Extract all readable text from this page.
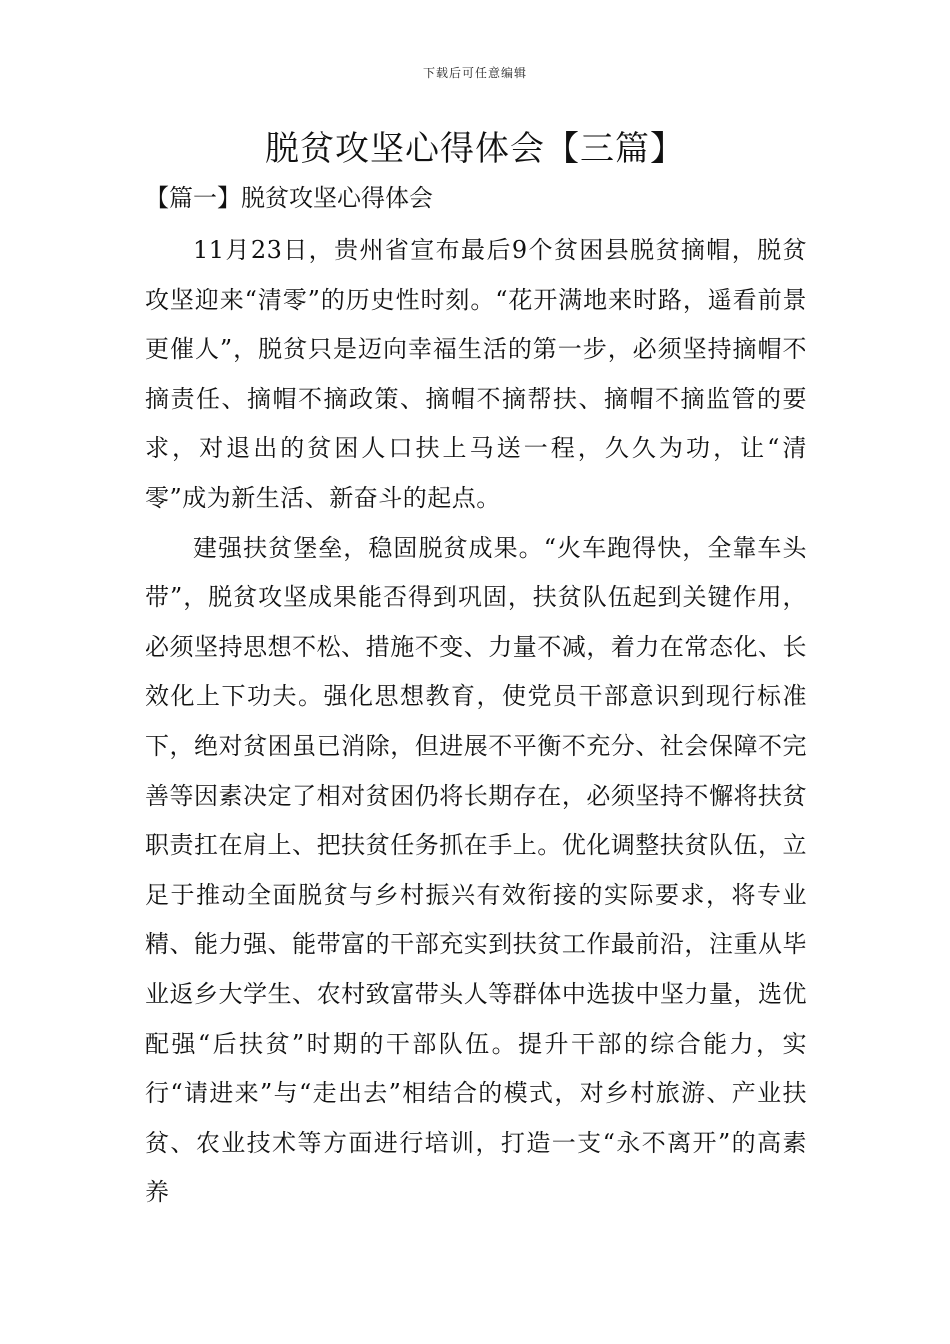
下载后可任意编辑
脱贫攻坚心得体会【三篇】
【篇一】脱贫攻坚心得体会

11月23日，贵州省宣布最后9个贫困县脱贫摘帽，脱贫攻坚迎来“清零”的历史性时刻。“花开满地来时路，遥看前景更催人”，脱贫只是迈向幸福生活的第一步，必须坚持摘帽不摘责任、摘帽不摘政策、摘帽不摘帮扶、摘帽不摘监管的要求，对退出的贫困人口扶上马送一程，久久为功，让“清零”成为新生活、新奋斗的起点。

建强扶贫堡垒，稳固脱贫成果。“火车跑得快，全靠车头带”，脱贫攻坚成果能否得到巩固，扶贫队伍起到关键作用，必须坚持思想不松、措施不变、力量不减，着力在常态化、长效化上下功夫。强化思想教育，使党员干部意识到现行标准下，绝对贫困虽已消除，但进展不平衡不充分、社会保障不完善等因素决定了相对贫困仍将长期存在，必须坚持不懈将扶贫职责扛在肩上、把扶贫任务抓在手上。优化调整扶贫队伍，立足于推动全面脱贫与乡村振兴有效衔接的实际要求，将专业精、能力强、能带富的干部充实到扶贫工作最前沿，注重从毕业返乡大学生、农村致富带头人等群体中选拔中坚力量，选优配强“后扶贫”时期的干部队伍。提升干部的综合能力，实行“请进来”与“走出去”相结合的模式，对乡村旅游、产业扶贫、农业技术等方面进行培训，打造一支“永不离开”的高素养
